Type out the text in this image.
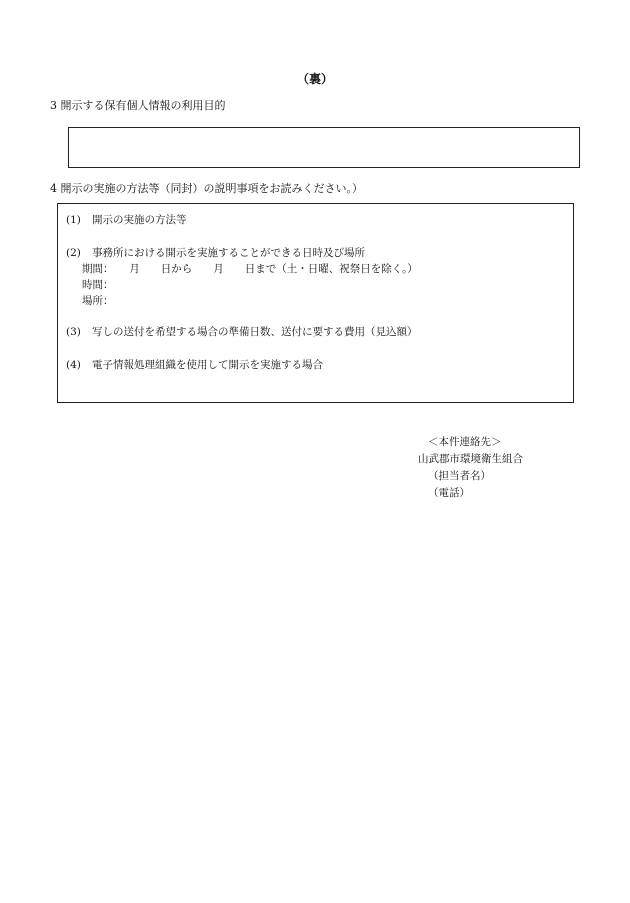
（裏）
3 開示する保有個人情報の利用目的
4 開示の実施の方法等（同封）の説明事項をお読みください。）
(1) 開示の実施の方法等
(2) 事務所における開示を実施することができる日時及び場所
期間：　　月　　日から　　月　　日まで（土・日曜、祝祭日を除く。）
時間：
場所：
(3) 写しの送付を希望する場合の準備日数、送付に要する費用（見込額）
(4) 電子情報処理組織を使用して開示を実施する場合
＜本件連絡先＞
山武郡市環境衛生組合
（担当者名）
（電話）
